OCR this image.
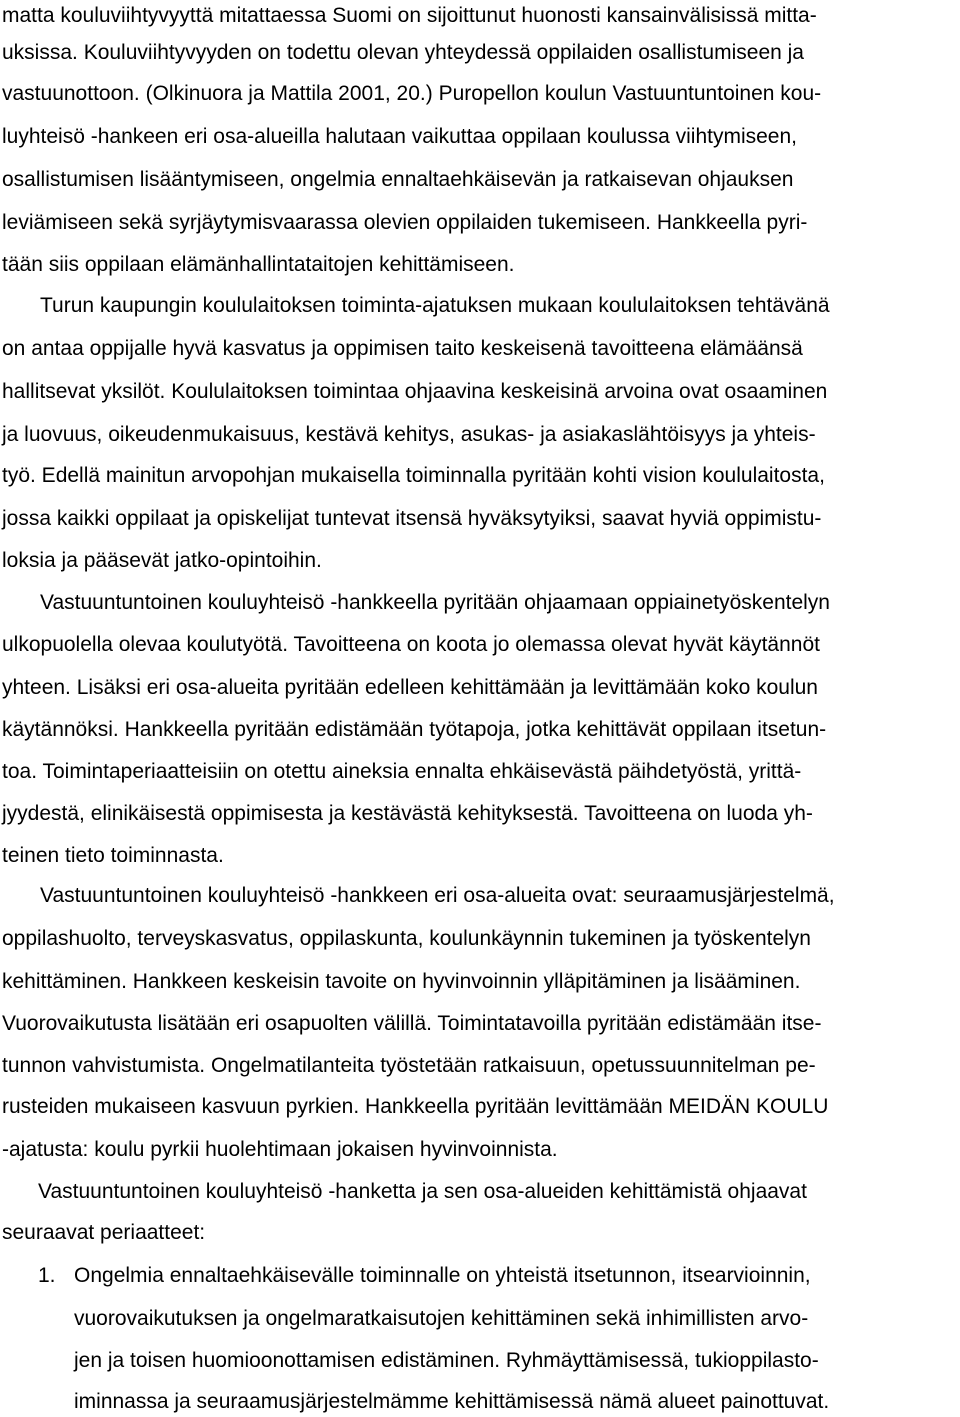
matta kouluviihtyvyyttä mitattaessa Suomi on sijoittunut huonosti kansainvälisissä mitta-
uksissa. Kouluviihtyvyyden on todettu olevan yhteydessä oppilaiden osallistumiseen ja
vastuunottoon. (Olkinuora ja Mattila 2001, 20.) Puropellon koulun Vastuuntuntoinen kou-
luyhteisö -hankeen eri osa-alueilla halutaan vaikuttaa oppilaan koulussa viihtymiseen,
osallistumisen lisääntymiseen, ongelmia ennaltaehkäisevän ja ratkaisevan ohjauksen
leviämiseen sekä syrjäytymisvaarassa olevien oppilaiden tukemiseen. Hankkeella pyri-
tään siis oppilaan elämänhallintataitojen kehittämiseen.
Turun kaupungin koululaitoksen toiminta-ajatuksen mukaan koululaitoksen tehtävänä
on antaa oppijalle hyvä kasvatus ja oppimisen taito keskeisenä tavoitteena elämäänsä
hallitsevat yksilöt. Koululaitoksen toimintaa ohjaavina keskeisinä arvoina ovat osaaminen
ja luovuus, oikeudenmukaisuus, kestävä kehitys, asukas- ja asiakaslähtöisyys ja yhteis-
työ. Edellä mainitun arvopohjan mukaisella toiminnalla pyritään kohti vision koululaitosta,
jossa kaikki oppilaat ja opiskelijat tuntevat itsensä hyväksytyiksi, saavat hyviä oppimistu-
loksia ja pääsevät jatko-opintoihin.
Vastuuntuntoinen kouluyhteisö -hankkeella pyritään ohjaamaan oppiainetyöskentelyn
ulkopuolella olevaa koulutyötä. Tavoitteena on koota jo olemassa olevat hyvät käytännöt
yhteen. Lisäksi eri osa-alueita pyritään edelleen kehittämään ja levittämään koko koulun
käytännöksi. Hankkeella pyritään edistämään työtapoja, jotka kehittävät oppilaan itsetun-
toa. Toimintaperiaatteisiin on otettu aineksia ennalta ehkäisevästä päihdetyöstä, yrittä-
jyydestä, elinikäisestä oppimisesta ja kestävästä kehityksestä. Tavoitteena on luoda yh-
teinen tieto toiminnasta.
Vastuuntuntoinen kouluyhteisö -hankkeen eri osa-alueita ovat: seuraamusjärjestelmä,
oppilashuolto, terveyskasvatus, oppilaskunta, koulunkäynnin tukeminen ja työskentelyn
kehittäminen. Hankkeen keskeisin tavoite on hyvinvoinnin ylläpitäminen ja lisääminen.
Vuorovaikutusta lisätään eri osapuolten välillä. Toimintatavoilla pyritään edistämään itse-
tunnon vahvistumista. Ongelmatilanteita työstetään ratkaisuun, opetussuunnitelman pe-
rusteiden mukaiseen kasvuun pyrkien. Hankkeella pyritään levittämään MEIDÄN KOULU
-ajatusta: koulu pyrkii huolehtimaan jokaisen hyvinvoinnista.
Vastuuntuntoinen kouluyhteisö -hanketta ja sen osa-alueiden kehittämistä ohjaavat
seuraavat periaatteet:
1. Ongelmia ennaltaehkäisevälle toiminnalle on yhteistä itsetunnon, itsearvioinnin,
vuorovaikutuksen ja ongelmaratkaisutojen kehittäminen sekä inhimillisten arvo-
jen ja toisen huomioonottamisen edistäminen. Ryhmäyttämisessä, tukioppilasto-
iminnassa ja seuraamusjärjestelmämme kehittämisessä nämä alueet painottuvat.
